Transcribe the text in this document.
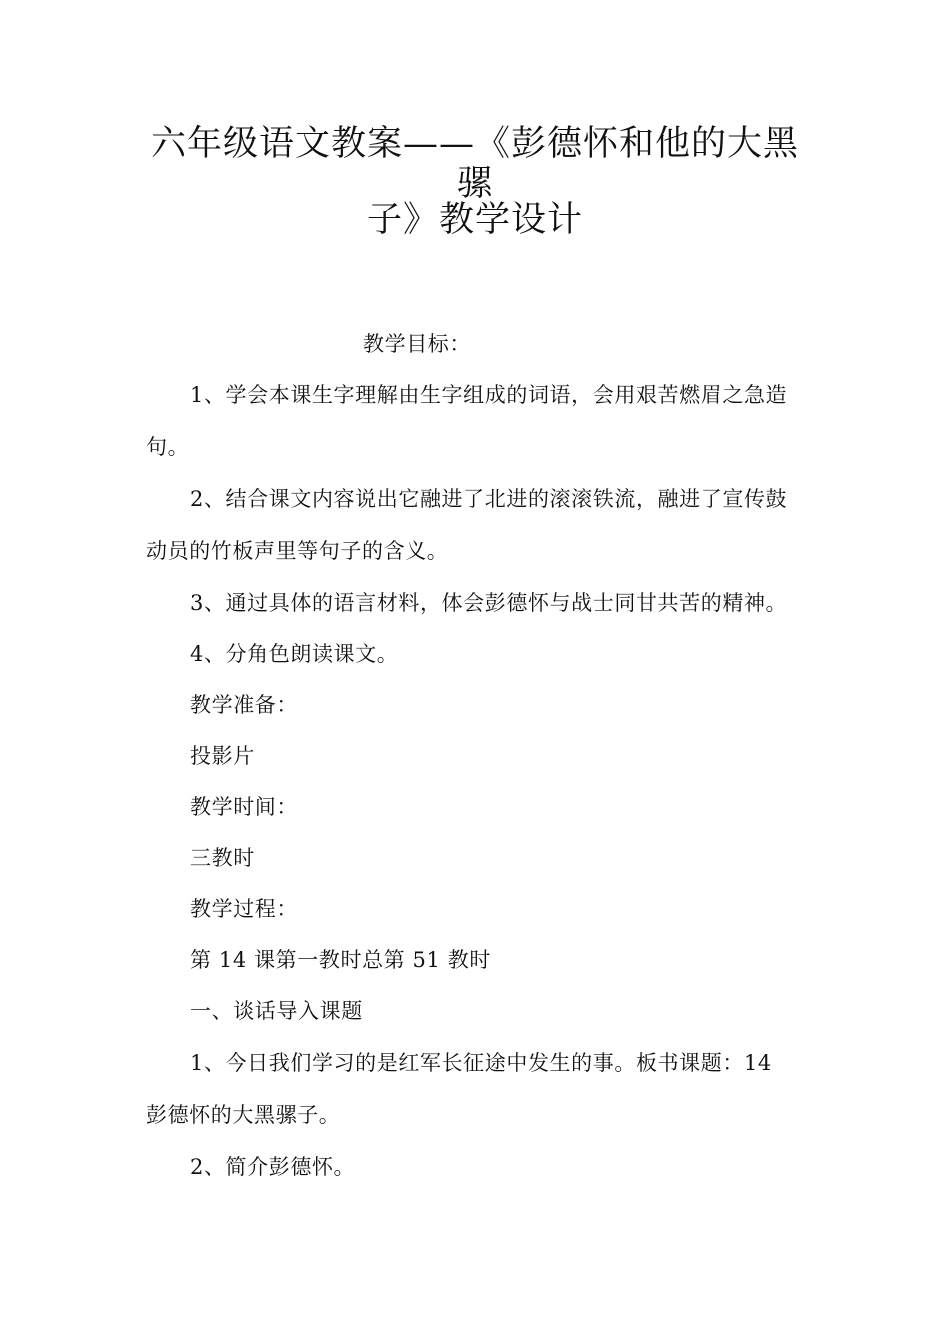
六年级语文教案——《彭德怀和他的大黑骡
子》教学设计
教学目标：
1、学会本课生字理解由生字组成的词语，会用艰苦燃眉之急造
句。
2、结合课文内容说出它融进了北进的滚滚铁流，融进了宣传鼓
动员的竹板声里等句子的含义。
3、通过具体的语言材料，体会彭德怀与战士同甘共苦的精神。
4、分角色朗读课文。
教学准备：
投影片
教学时间：
三教时
教学过程：
第 14 课第一教时总第 51 教时
一、谈话导入课题
1、今日我们学习的是红军长征途中发生的事。板书课题：14
彭德怀的大黑骡子。
2、简介彭德怀。
